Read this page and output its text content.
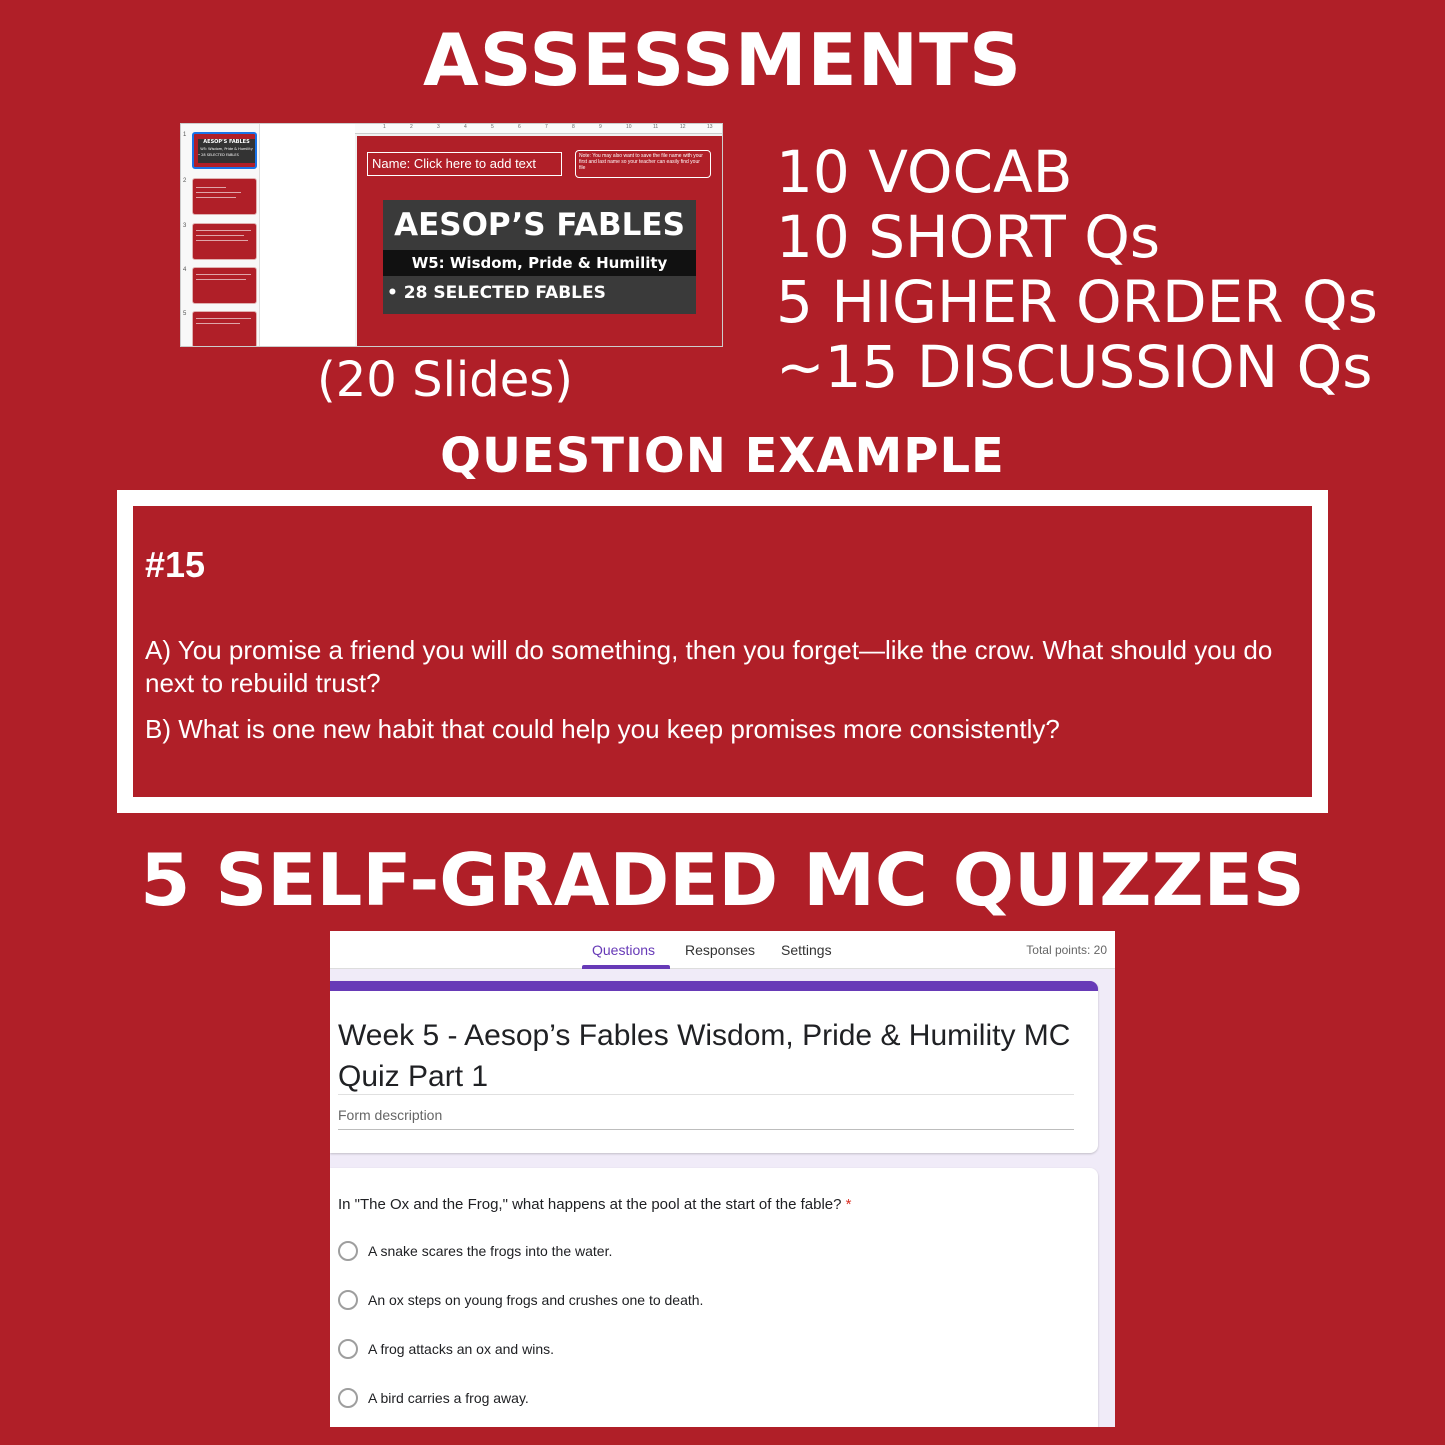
ASSESSMENTS
1
AESOP'S FABLES
W5: Wisdom, Pride & Humility
• 28 SELECTED FABLES
2
3
4
5
1	2	3	4	5	6	7	8	9	10	11	12	13
Name: Click here to add text	Note: You may also want to save the file name with your first and last name so your teacher can easily find your file
AESOP’S FABLES
W5: Wisdom, Pride & Humility
• 28 SELECTED FABLES
(20 Slides)
10 VOCAB
10 SHORT Qs
5 HIGHER ORDER Qs
~15 DISCUSSION Qs
QUESTION EXAMPLE
#15
A) You promise a friend you will do something, then you forget—like the crow. What should you do next to rebuild trust?
B) What is one new habit that could help you keep promises more consistently?
5 SELF-GRADED MC QUIZZES
Questions Responses Settings	Total points: 20
Week 5 - Aesop’s Fables Wisdom, Pride & Humility MC Quiz Part 1
Form description
In "The Ox and the Frog," what happens at the pool at the start of the fable? *
A snake scares the frogs into the water.
An ox steps on young frogs and crushes one to death.
A frog attacks an ox and wins.
A bird carries a frog away.
